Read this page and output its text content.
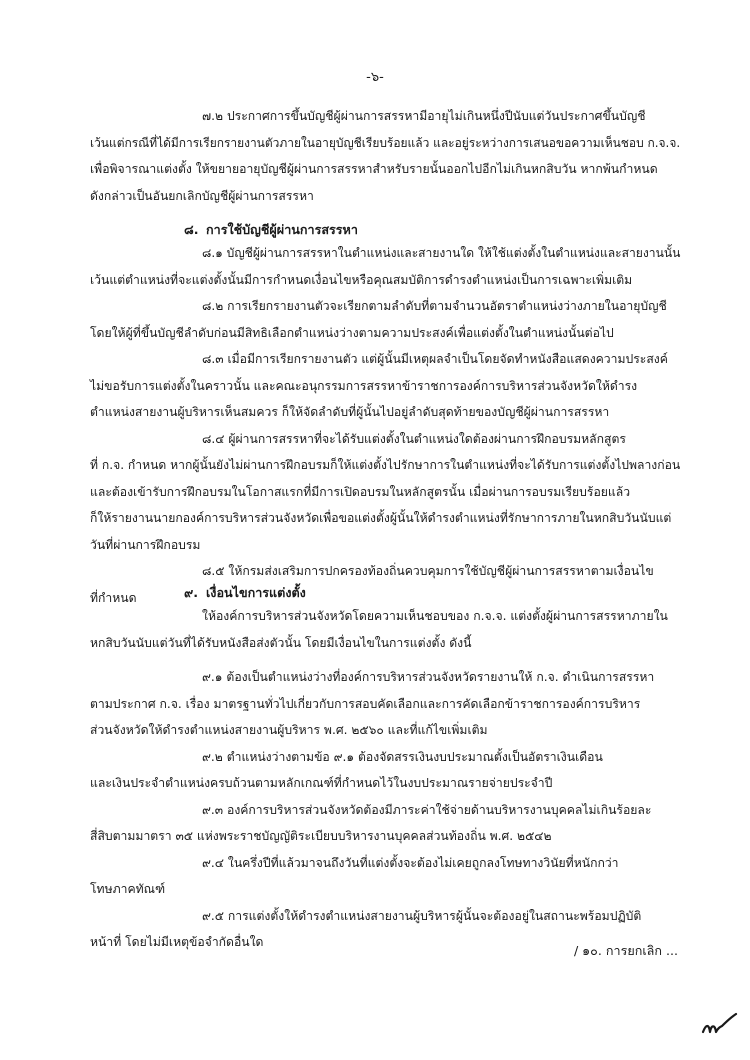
-๖-
๗.๒ ประกาศการขึ้นบัญชีผู้ผ่านการสรรหามีอายุไม่เกินหนึ่งปีนับแต่วันประกาศขึ้นบัญชี
เว้นแต่กรณีที่ได้มีการเรียกรายงานตัวภายในอายุบัญชีเรียบร้อยแล้ว และอยู่ระหว่างการเสนอขอความเห็นชอบ ก.จ.จ.
เพื่อพิจารณาแต่งตั้ง ให้ขยายอายุบัญชีผู้ผ่านการสรรหาสำหรับรายนั้นออกไปอีกไม่เกินหกสิบวัน หากพ้นกำหนด
ดังกล่าวเป็นอันยกเลิกบัญชีผู้ผ่านการสรรหา
๘. การใช้บัญชีผู้ผ่านการสรรหา
๘.๑ บัญชีผู้ผ่านการสรรหาในตำแหน่งและสายงานใด ให้ใช้แต่งตั้งในตำแหน่งและสายงานนั้น
เว้นแต่ตำแหน่งที่จะแต่งตั้งนั้นมีการกำหนดเงื่อนไขหรือคุณสมบัติการดำรงตำแหน่งเป็นการเฉพาะเพิ่มเติม
๘.๒ การเรียกรายงานตัวจะเรียกตามลำดับที่ตามจำนวนอัตราตำแหน่งว่างภายในอายุบัญชี
โดยให้ผู้ที่ขึ้นบัญชีลำดับก่อนมีสิทธิเลือกตำแหน่งว่างตามความประสงค์เพื่อแต่งตั้งในตำแหน่งนั้นต่อไป
๘.๓ เมื่อมีการเรียกรายงานตัว แต่ผู้นั้นมีเหตุผลจำเป็นโดยจัดทำหนังสือแสดงความประสงค์
ไม่ขอรับการแต่งตั้งในคราวนั้น และคณะอนุกรรมการสรรหาข้าราชการองค์การบริหารส่วนจังหวัดให้ดำรง
ตำแหน่งสายงานผู้บริหารเห็นสมควร ก็ให้จัดลำดับที่ผู้นั้นไปอยู่ลำดับสุดท้ายของบัญชีผู้ผ่านการสรรหา
๘.๔ ผู้ผ่านการสรรหาที่จะได้รับแต่งตั้งในตำแหน่งใดต้องผ่านการฝึกอบรมหลักสูตร
ที่ ก.จ. กำหนด หากผู้นั้นยังไม่ผ่านการฝึกอบรมก็ให้แต่งตั้งไปรักษาการในตำแหน่งที่จะได้รับการแต่งตั้งไปพลางก่อน
และต้องเข้ารับการฝึกอบรมในโอกาสแรกที่มีการเปิดอบรมในหลักสูตรนั้น เมื่อผ่านการอบรมเรียบร้อยแล้ว
ก็ให้รายงานนายกองค์การบริหารส่วนจังหวัดเพื่อขอแต่งตั้งผู้นั้นให้ดำรงตำแหน่งที่รักษาการภายในหกสิบวันนับแต่
วันที่ผ่านการฝึกอบรม
๘.๕ ให้กรมส่งเสริมการปกครองท้องถิ่นควบคุมการใช้บัญชีผู้ผ่านการสรรหาตามเงื่อนไข
ที่กำหนด	๙. เงื่อนไขการแต่งตั้ง
ให้องค์การบริหารส่วนจังหวัดโดยความเห็นชอบของ ก.จ.จ. แต่งตั้งผู้ผ่านการสรรหาภายใน
หกสิบวันนับแต่วันที่ได้รับหนังสือส่งตัวนั้น โดยมีเงื่อนไขในการแต่งตั้ง ดังนี้
๙.๑ ต้องเป็นตำแหน่งว่างที่องค์การบริหารส่วนจังหวัดรายงานให้ ก.จ. ดำเนินการสรรหา
ตามประกาศ ก.จ. เรื่อง มาตรฐานทั่วไปเกี่ยวกับการสอบคัดเลือกและการคัดเลือกข้าราชการองค์การบริหาร
ส่วนจังหวัดให้ดำรงตำแหน่งสายงานผู้บริหาร พ.ศ. ๒๕๖๐ และที่แก้ไขเพิ่มเติม
๙.๒ ตำแหน่งว่างตามข้อ ๙.๑ ต้องจัดสรรเงินงบประมาณตั้งเป็นอัตราเงินเดือน
และเงินประจำตำแหน่งครบถ้วนตามหลักเกณฑ์ที่กำหนดไว้ในงบประมาณรายจ่ายประจำปี
๙.๓ องค์การบริหารส่วนจังหวัดต้องมีภาระค่าใช้จ่ายด้านบริหารงานบุคคลไม่เกินร้อยละ
สี่สิบตามมาตรา ๓๕ แห่งพระราชบัญญัติระเบียบบริหารงานบุคคลส่วนท้องถิ่น พ.ศ. ๒๕๔๒
๙.๔ ในครึ่งปีที่แล้วมาจนถึงวันที่แต่งตั้งจะต้องไม่เคยถูกลงโทษทางวินัยที่หนักกว่า
โทษภาคทัณฑ์
๙.๕ การแต่งตั้งให้ดำรงตำแหน่งสายงานผู้บริหารผู้นั้นจะต้องอยู่ในสถานะพร้อมปฏิบัติ
หน้าที่ โดยไม่มีเหตุข้อจำกัดอื่นใด
/ ๑๐. การยกเลิก ...
